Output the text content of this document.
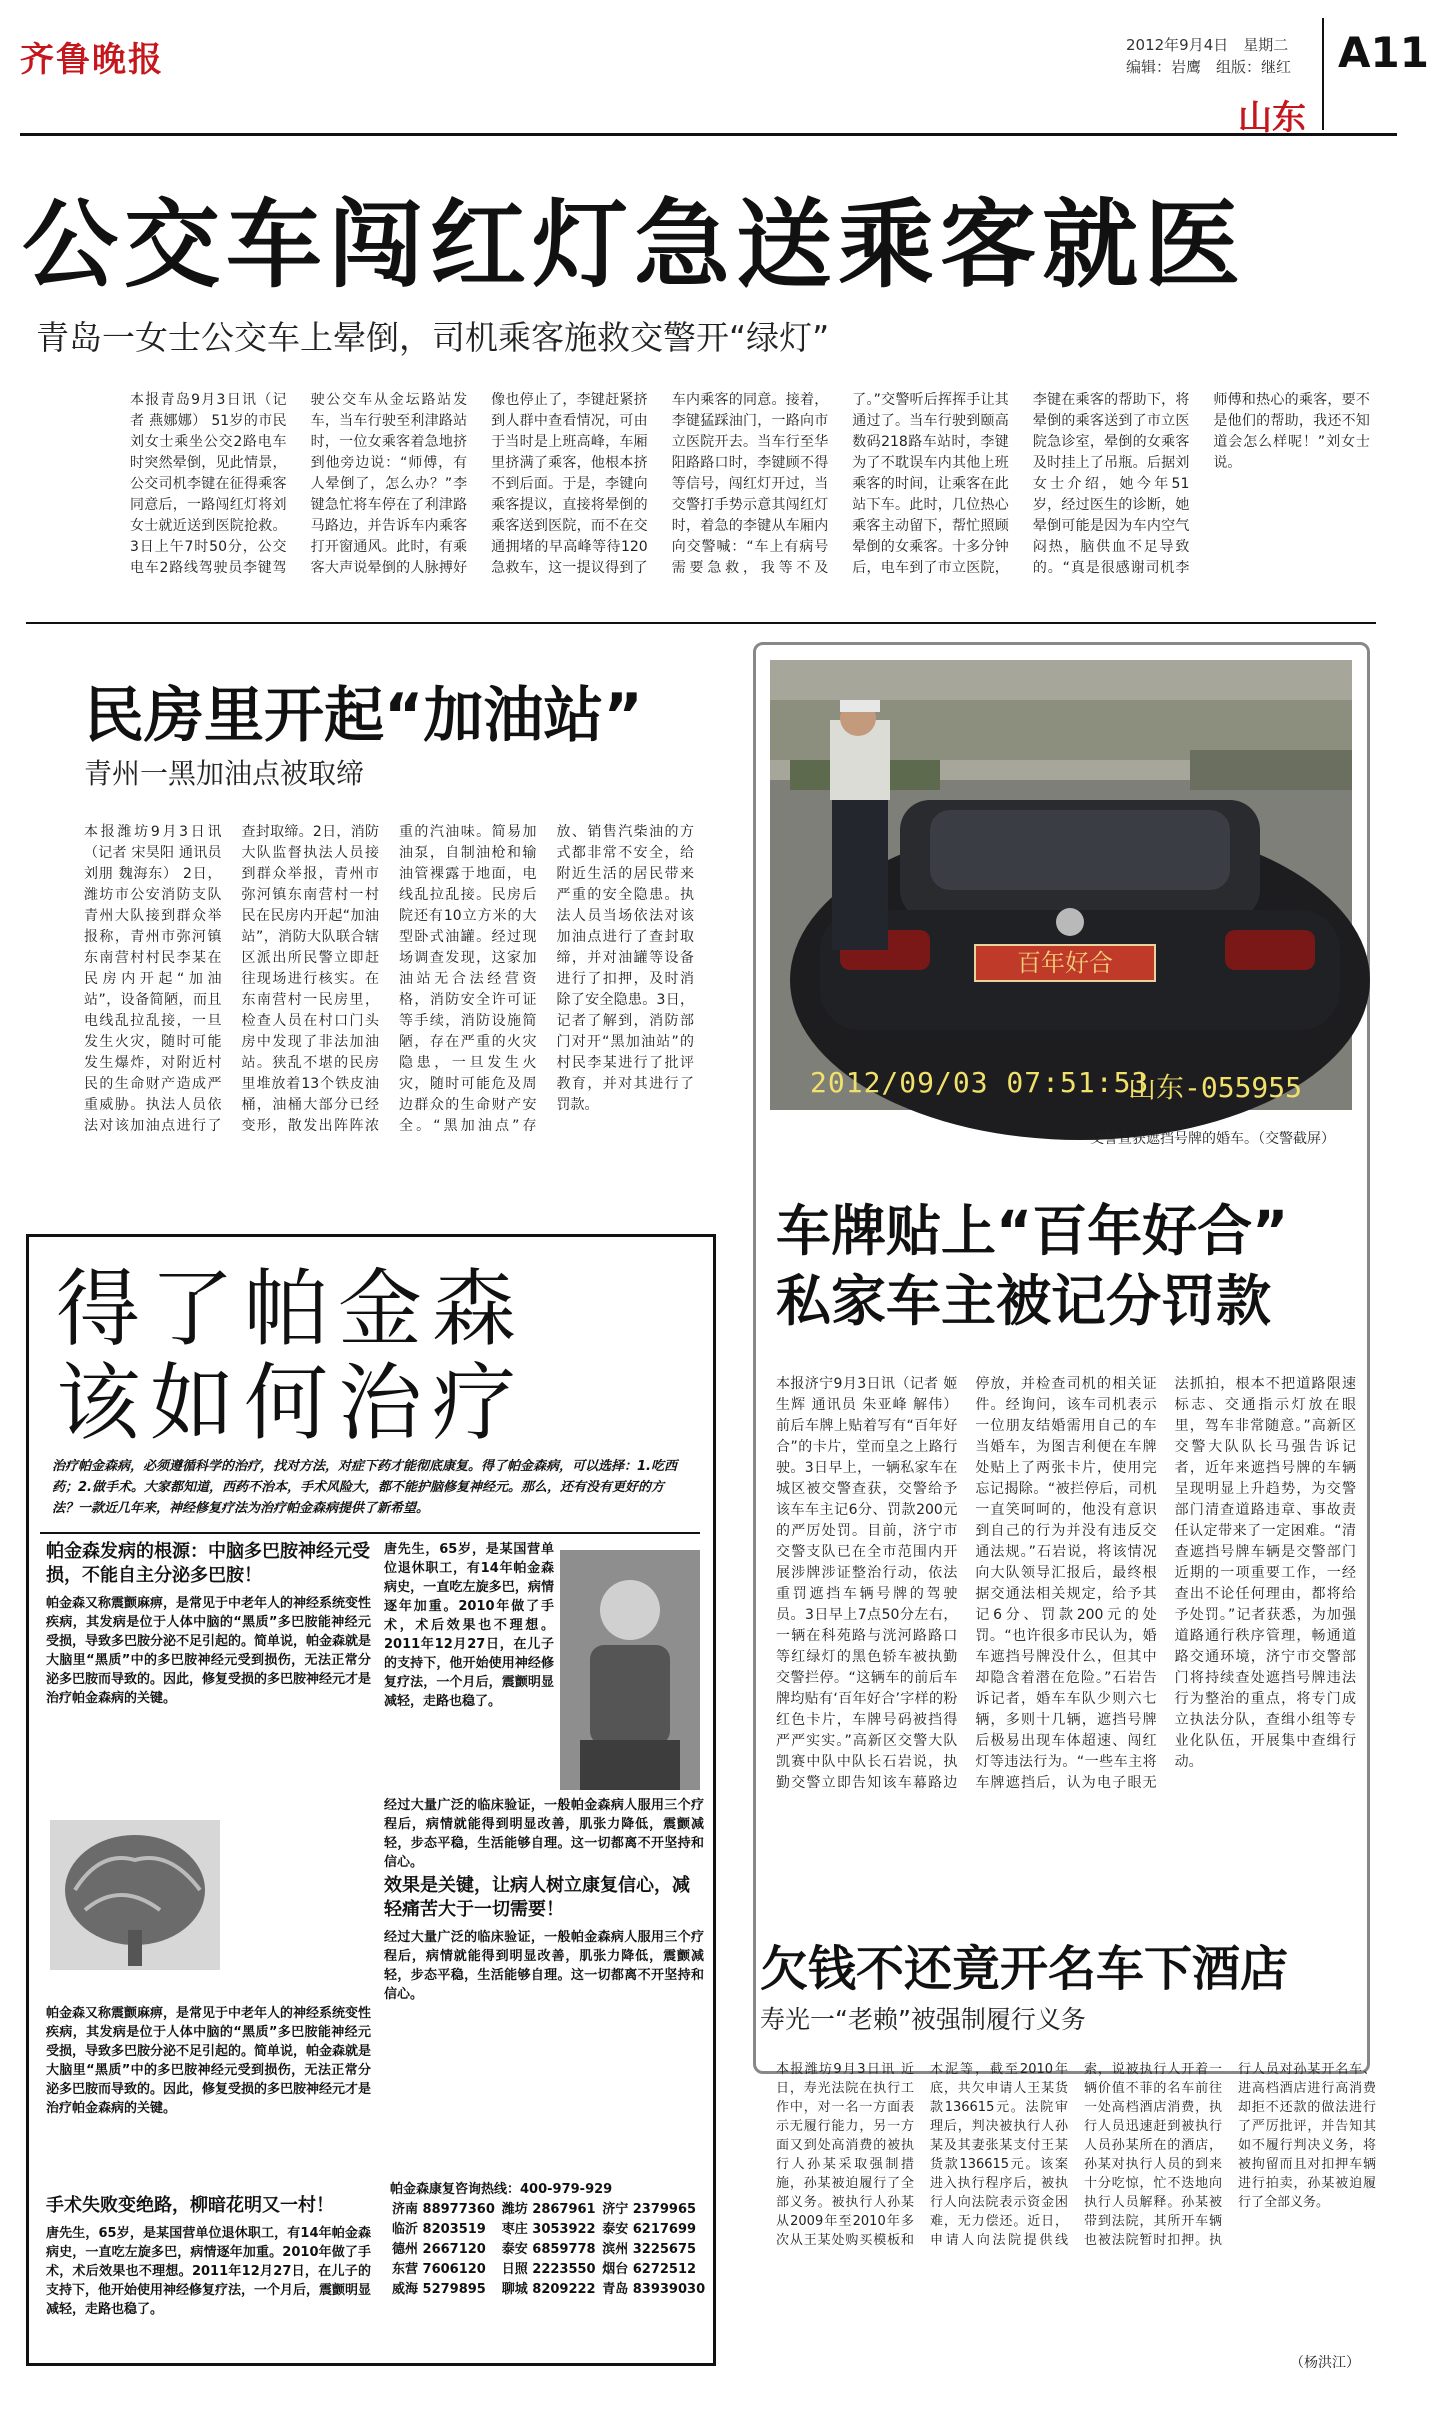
齐鲁晚报	2012年9月4日　星期二
编辑：岩鹰　组版：继红	A11
山东
公交车闯红灯急送乘客就医
青岛一女士公交车上晕倒，司机乘客施救交警开“绿灯”
本报青岛9月3日讯（记者 燕娜娜） 51岁的市民刘女士乘坐公交2路电车时突然晕倒，见此情景，公交司机李键在征得乘客同意后，一路闯红灯将刘女士就近送到医院抢救。3日上午7时50分，公交电车2路线驾驶员李键驾驶公交车从金坛路站发车，当车行驶至利津路站时，一位女乘客着急地挤到他旁边说：“师傅，有人晕倒了，怎么办？”李键急忙将车停在了利津路马路边，并告诉车内乘客打开窗通风。此时，有乘客大声说晕倒的人脉搏好像也停止了，李键赶紧挤到人群中查看情况，可由于当时是上班高峰，车厢里挤满了乘客，他根本挤不到后面。于是，李键向乘客提议，直接将晕倒的乘客送到医院，而不在交通拥堵的早高峰等待120急救车，这一提议得到了车内乘客的同意。接着，李键猛踩油门，一路向市立医院开去。当车行至华阳路路口时，李键顾不得等信号，闯红灯开过，当交警打手势示意其闯红灯时，着急的李键从车厢内向交警喊：“车上有病号需要急救，我等不及了。”交警听后挥挥手让其通过了。当车行驶到颐高数码218路车站时，李键为了不耽误车内其他上班乘客的时间，让乘客在此站下车。此时，几位热心乘客主动留下，帮忙照顾晕倒的女乘客。十多分钟后，电车到了市立医院，李键在乘客的帮助下，将晕倒的乘客送到了市立医院急诊室，晕倒的女乘客及时挂上了吊瓶。后据刘女士介绍，她今年51岁，经过医生的诊断，她晕倒可能是因为车内空气闷热，脑供血不足导致的。“真是很感谢司机李师傅和热心的乘客，要不是他们的帮助，我还不知道会怎么样呢！”刘女士说。
民房里开起“加油站”
青州一黑加油点被取缔
本报潍坊9月3日讯（记者 宋昊阳 通讯员 刘朋 魏海东） 2日，潍坊市公安消防支队青州大队接到群众举报称，青州市弥河镇东南营村村民李某在民房内开起“加油站”，设备简陋，而且电线乱拉乱接，一旦发生火灾，随时可能发生爆炸，对附近村民的生命财产造成严重威胁。执法人员依法对该加油点进行了查封取缔。2日，消防大队监督执法人员接到群众举报，青州市弥河镇东南营村一村民在民房内开起“加油站”，消防大队联合辖区派出所民警立即赶往现场进行核实。在东南营村一民房里，检查人员在村口门头房中发现了非法加油站。狭乱不堪的民房里堆放着13个铁皮油桶，油桶大部分已经变形，散发出阵阵浓重的汽油味。简易加油泵，自制油枪和输油管裸露于地面，电线乱拉乱接。民房后院还有10立方米的大型卧式油罐。经过现场调查发现，这家加油站无合法经营资格，消防安全许可证等手续，消防设施简陋，存在严重的火灾隐患，一旦发生火灾，随时可能危及周边群众的生命财产安全。“黑加油点”存放、销售汽柴油的方式都非常不安全，给附近生活的居民带来严重的安全隐患。执法人员当场依法对该加油点进行了查封取缔，并对油罐等设备进行了扣押，及时消除了安全隐患。3日，记者了解到，消防部门对开“黑加油站”的村民李某进行了批评教育，并对其进行了罚款。
百年好合
2012/09/03 07:51:53
山东-055955
交警查获遮挡号牌的婚车。（交警截屏）
车牌贴上“百年好合”
私家车主被记分罚款
本报济宁9月3日讯（记者 姬生辉 通讯员 朱亚峰 解伟） 前后车牌上贴着写有“百年好合”的卡片，堂而皇之上路行驶。3日早上，一辆私家车在城区被交警查获，交警给予该车车主记6分、罚款200元的严厉处罚。目前，济宁市交警支队已在全市范围内开展涉牌涉证整治行动，依法重罚遮挡车辆号牌的驾驶员。3日早上7点50分左右，一辆在科苑路与洸河路路口等红绿灯的黑色轿车被执勤交警拦停。“这辆车的前后车牌均贴有‘百年好合’字样的粉红色卡片，车牌号码被挡得严严实实。”高新区交警大队凯赛中队中队长石岩说，执勤交警立即告知该车幕路边停放，并检查司机的相关证件。经询问，该车司机表示一位朋友结婚需用自己的车当婚车，为图吉利便在车牌处贴上了两张卡片，使用完忘记揭除。“被拦停后，司机一直笑呵呵的，他没有意识到自己的行为并没有违反交通法规。”石岩说，将该情况向大队领导汇报后，最终根据交通法相关规定，给予其记6分、罚款200元的处罚。“也许很多市民认为，婚车遮挡号牌没什么，但其中却隐含着潜在危险。”石岩告诉记者，婚车车队少则六七辆，多则十几辆，遮挡号牌后极易出现车体超速、闯红灯等违法行为。“一些车主将车牌遮挡后，认为电子眼无法抓拍，根本不把道路限速标志、交通指示灯放在眼里，驾车非常随意。”高新区交警大队队长马强告诉记者，近年来遮挡号牌的车辆呈现明显上升趋势，为交警部门清查道路违章、事故责任认定带来了一定困难。“清查遮挡号牌车辆是交警部门近期的一项重要工作，一经查出不论任何理由，都将给予处罚。”记者获悉，为加强道路通行秩序管理，畅通道路交通环境，济宁市交警部门将持续查处遮挡号牌违法行为整治的重点，将专门成立执法分队，查缉小组等专业化队伍，开展集中查缉行动。
得了帕金森
该如何治疗
治疗帕金森病，必须遵循科学的治疗，找对方法，对症下药才能彻底康复。得了帕金森病，可以选择：1.吃西药；2.做手术。大家都知道，西药不治本，手术风险大，都不能护脑修复神经元。那么，还有没有更好的方法？一款近几年来，神经修复疗法为治疗帕金森病提供了新希望。
帕金森发病的根源：中脑多巴胺神经元受损，不能自主分泌多巴胺！
帕金森又称震颤麻痹，是常见于中老年人的神经系统变性疾病，其发病是位于人体中脑的“黑质”多巴胺能神经元受损，导致多巴胺分泌不足引起的。简单说，帕金森就是大脑里“黑质”中的多巴胺神经元受到损伤，无法正常分泌多巴胺而导致的。因此，修复受损的多巴胺神经元才是治疗帕金森病的关键。
帕金森又称震颤麻痹，是常见于中老年人的神经系统变性疾病，其发病是位于人体中脑的“黑质”多巴胺能神经元受损，导致多巴胺分泌不足引起的。简单说，帕金森就是大脑里“黑质”中的多巴胺神经元受到损伤，无法正常分泌多巴胺而导致的。因此，修复受损的多巴胺神经元才是治疗帕金森病的关键。
手术失败变绝路，柳暗花明又一村！
唐先生，65岁，是某国营单位退休职工，有14年帕金森病史，一直吃左旋多巴，病情逐年加重。2010年做了手术，术后效果也不理想。2011年12月27日，在儿子的支持下，他开始使用神经修复疗法，一个月后，震颤明显减轻，走路也稳了。
唐先生，65岁，是某国营单位退休职工，有14年帕金森病史，一直吃左旋多巴，病情逐年加重。2010年做了手术，术后效果也不理想。2011年12月27日，在儿子的支持下，他开始使用神经修复疗法，一个月后，震颤明显减轻，走路也稳了。
经过大量广泛的临床验证，一般帕金森病人服用三个疗程后，病情就能得到明显改善，肌张力降低，震颤减轻，步态平稳，生活能够自理。这一切都离不开坚持和信心。
效果是关键，让病人树立康复信心，减轻痛苦大于一切需要！
经过大量广泛的临床验证，一般帕金森病人服用三个疗程后，病情就能得到明显改善，肌张力降低，震颤减轻，步态平稳，生活能够自理。这一切都离不开坚持和信心。
帕金森康复咨询热线：400-979-929
济南 88977360	潍坊 2867961	济宁 2379965
临沂 8203519	枣庄 3053922	泰安 6217699
德州 2667120	泰安 6859778	滨州 3225675
东营 7606120	日照 2223550	烟台 6272512
威海 5279895	聊城 8209222	青岛 83939030
欠钱不还竟开名车下酒店
寿光一“老赖”被强制履行义务
本报潍坊9月3日讯 近日，寿光法院在执行工作中，对一名一方面表示无履行能力，另一方面又到处高消费的被执行人孙某采取强制措施，孙某被迫履行了全部义务。被执行人孙某从2009年至2010年多次从王某处购买模板和木泥等，截至2010年底，共欠申请人王某货款136615元。法院审理后，判决被执行人孙某及其妻张某支付王某货款136615元。该案进入执行程序后，被执行人向法院表示资金困难，无力偿还。近日，申请人向法院提供线索，说被执行人开着一辆价值不菲的名车前往一处高档酒店消费，执行人员迅速赶到被执行人员孙某所在的酒店，孙某对执行人员的到来十分吃惊，忙不迭地向执行人员解释。孙某被带到法院，其所开车辆也被法院暂时扣押。执行人员对孙某开名车、进高档酒店进行高消费却拒不还款的做法进行了严厉批评，并告知其如不履行判决义务，将被拘留而且对扣押车辆进行拍卖，孙某被迫履行了全部义务。
（杨洪江）
